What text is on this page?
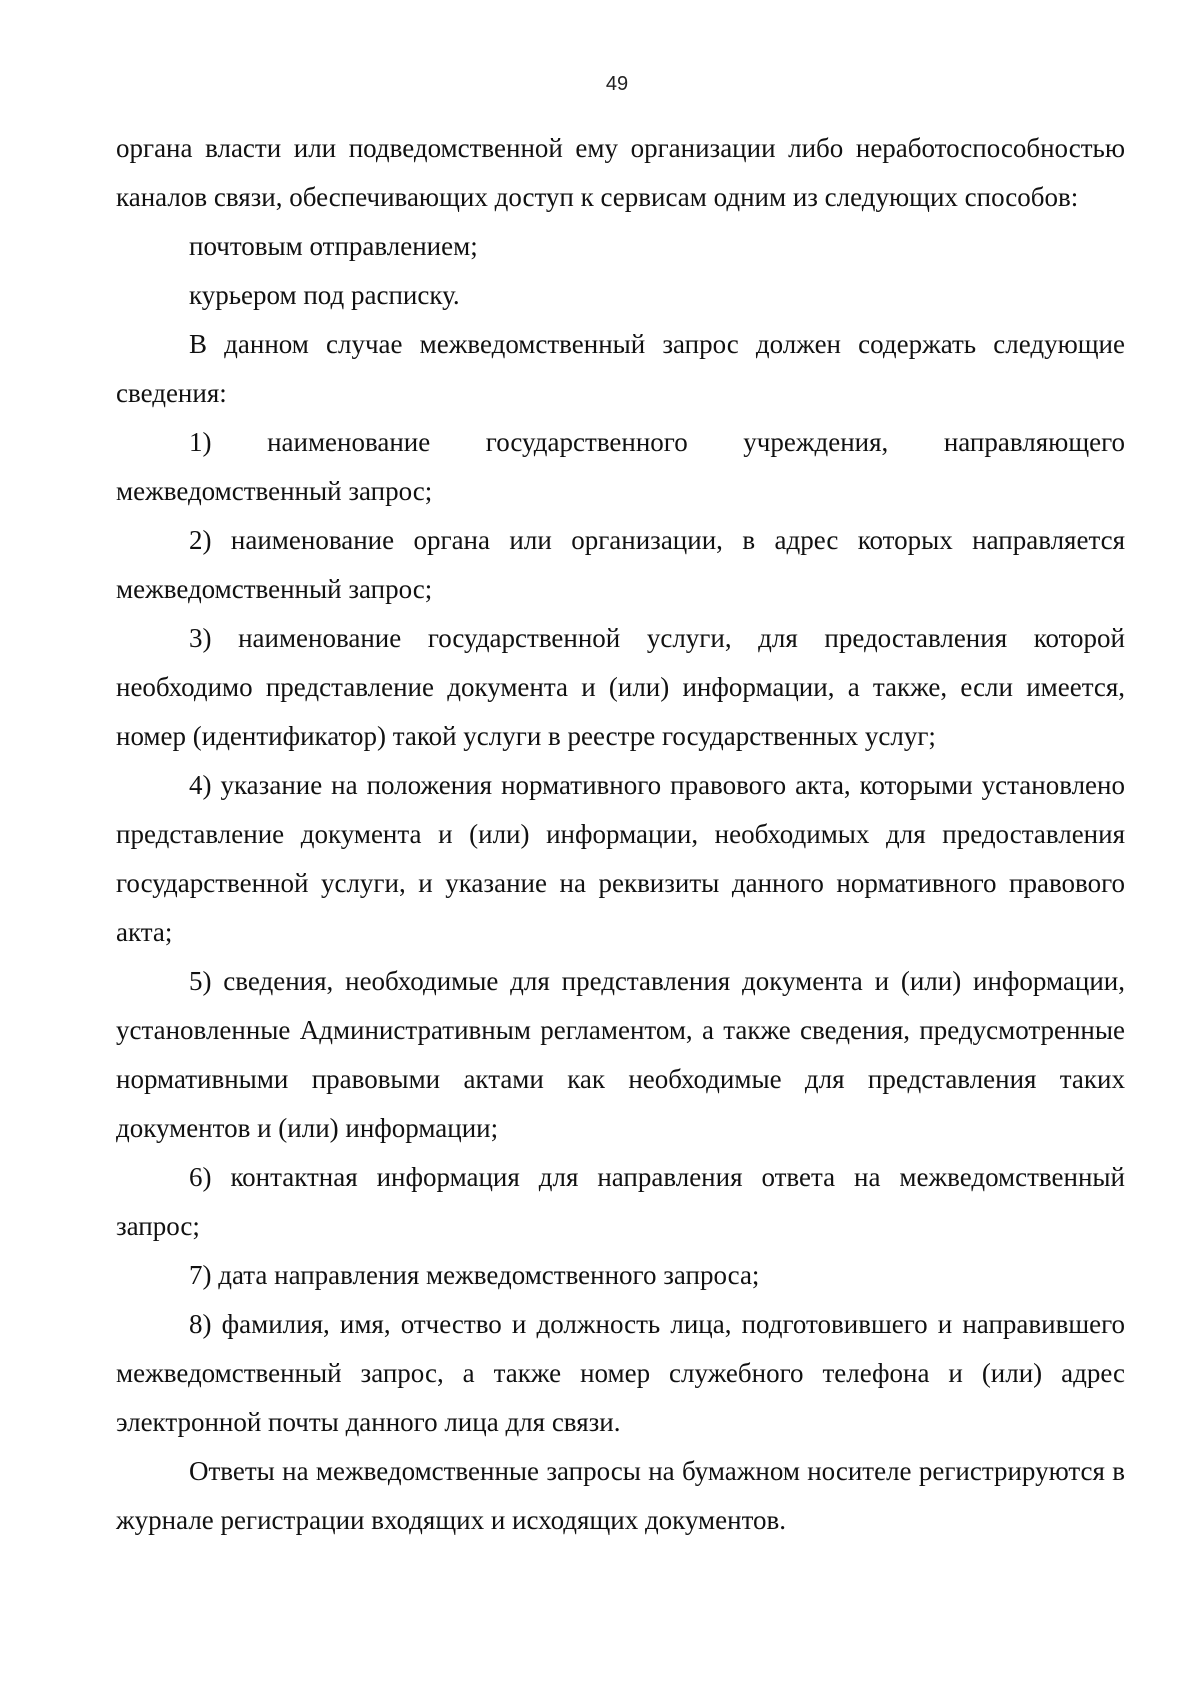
49

органа власти или подведомственной ему организации либо неработоспособностью каналов связи, обеспечивающих доступ к сервисам одним из следующих способов:

почтовым отправлением;

курьером под расписку.

В данном случае межведомственный запрос должен содержать следующие сведения:

1) наименование государственного учреждения, направляющего межведомственный запрос;

2) наименование органа или организации, в адрес которых направляется межведомственный запрос;

3) наименование государственной услуги, для предоставления которой необходимо представление документа и (или) информации, а также, если имеется, номер (идентификатор) такой услуги в реестре государственных услуг;

4) указание на положения нормативного правового акта, которыми установлено представление документа и (или) информации, необходимых для предоставления государственной услуги, и указание на реквизиты данного нормативного правового акта;

5) сведения, необходимые для представления документа и (или) информации, установленные Административным регламентом, а также сведения, предусмотренные нормативными правовыми актами как необходимые для представления таких документов и (или) информации;

6) контактная информация для направления ответа на межведомственный запрос;

7) дата направления межведомственного запроса;

8) фамилия, имя, отчество и должность лица, подготовившего и направившего межведомственный запрос, а также номер служебного телефона и (или) адрес электронной почты данного лица для связи.

Ответы на межведомственные запросы на бумажном носителе регистрируются в журнале регистрации входящих и исходящих документов.
